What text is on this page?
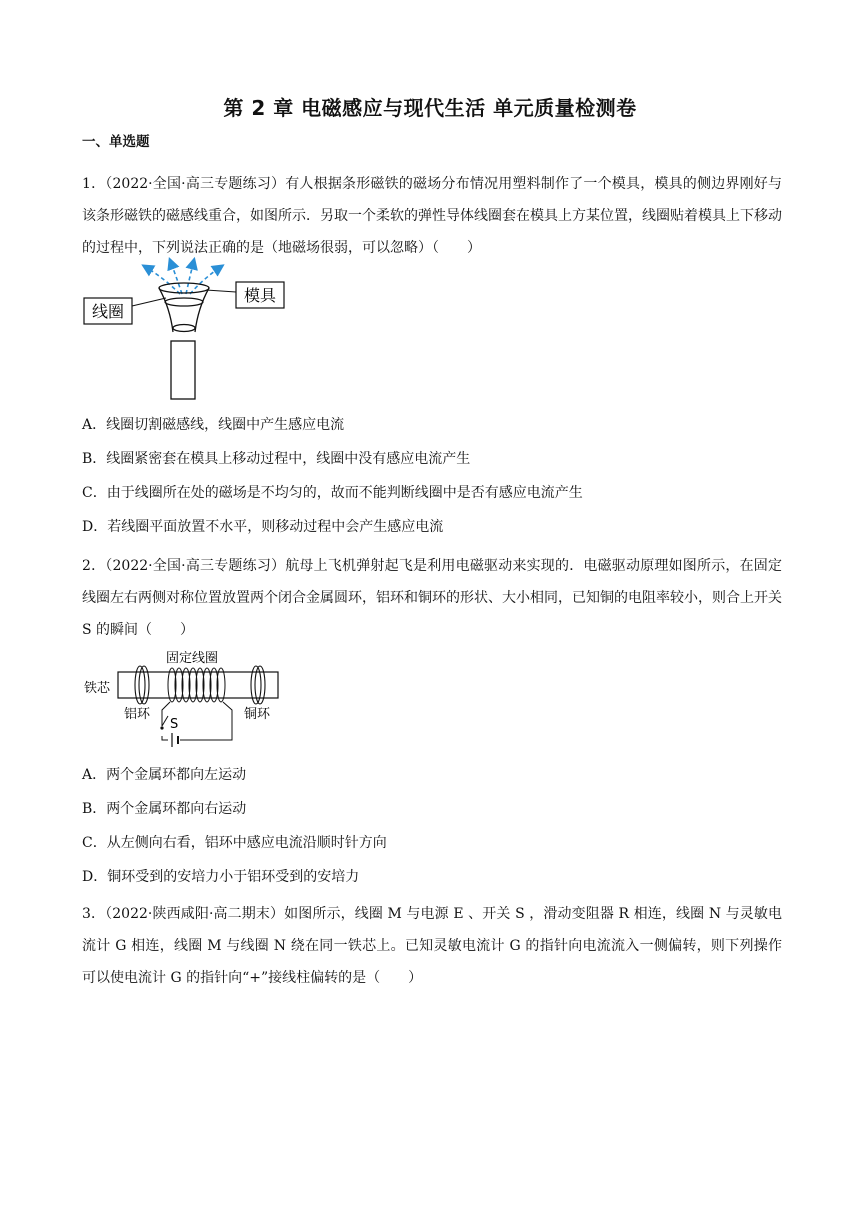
第 2 章 电磁感应与现代生活 单元质量检测卷
一、单选题
1．（2022·全国·高三专题练习）有人根据条形磁铁的磁场分布情况用塑料制作了一个模具，模具的侧边界刚好与该条形磁铁的磁感线重合，如图所示．另取一个柔软的弹性导体线圈套在模具上方某位置，线圈贴着模具上下移动的过程中，下列说法正确的是（地磁场很弱，可以忽略）（　　）
线圈
模具
A．线圈切割磁感线，线圈中产生感应电流
B．线圈紧密套在模具上移动过程中，线圈中没有感应电流产生
C．由于线圈所在处的磁场是不均匀的，故而不能判断线圈中是否有感应电流产生
D．若线圈平面放置不水平，则移动过程中会产生感应电流
2．（2022·全国·高三专题练习）航母上飞机弹射起飞是利用电磁驱动来实现的．电磁驱动原理如图所示，在固定线圈左右两侧对称位置放置两个闭合金属圆环，铝环和铜环的形状、大小相同，已知铜的电阻率较小，则合上开关 S 的瞬间（　　）
固定线圈
铁芯
铝环	铜环
S
A．两个金属环都向左运动
B．两个金属环都向右运动
C．从左侧向右看，铝环中感应电流沿顺时针方向
D．铜环受到的安培力小于铝环受到的安培力
3．（2022·陕西咸阳·高二期末）如图所示，线圈 M 与电源 E 、开关 S ，滑动变阻器 R 相连，线圈 N 与灵敏电流计 G 相连，线圈 M 与线圈 N 绕在同一铁芯上。已知灵敏电流计 G 的指针向电流流入一侧偏转，则下列操作可以使电流计 G 的指针向“+”接线柱偏转的是（　　）
